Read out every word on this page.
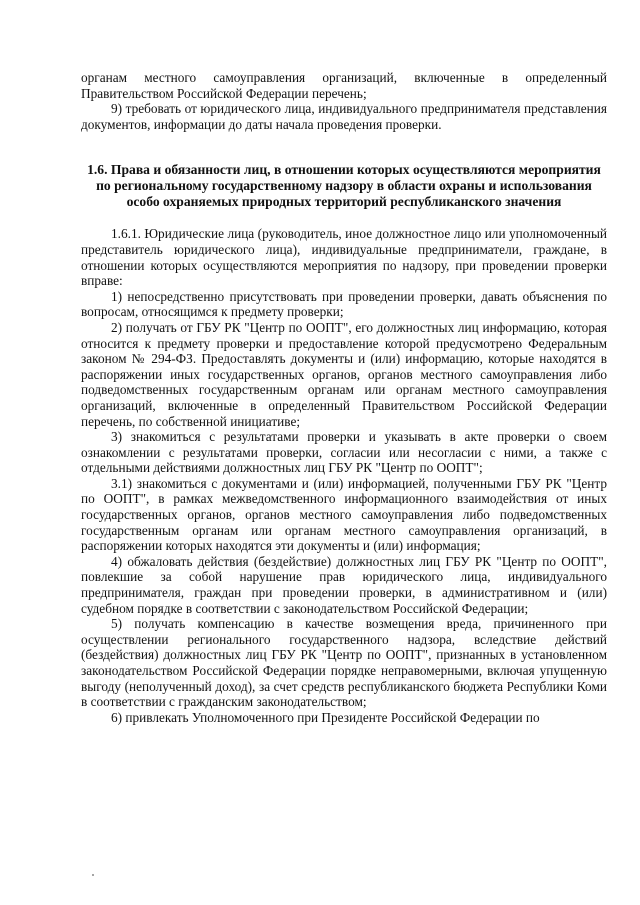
органам местного самоуправления организаций, включенные в определенный Правительством Российской Федерации перечень;

9) требовать от юридического лица, индивидуального предпринимателя представления документов, информации до даты начала проведения проверки.

1.6. Права и обязанности лиц, в отношении которых осуществляются мероприятия по региональному государственному надзору в области охраны и использования особо охраняемых природных территорий республиканского значения

1.6.1. Юридические лица (руководитель, иное должностное лицо или уполномоченный представитель юридического лица), индивидуальные предприниматели, граждане, в отношении которых осуществляются мероприятия по надзору, при проведении проверки вправе:

1) непосредственно присутствовать при проведении проверки, давать объяснения по вопросам, относящимся к предмету проверки;

2) получать от ГБУ РК "Центр по ООПТ", его должностных лиц информацию, которая относится к предмету проверки и предоставление которой предусмотрено Федеральным законом № 294-ФЗ. Предоставлять документы и (или) информацию, которые находятся в распоряжении иных государственных органов, органов местного самоуправления либо подведомственных государственным органам или органам местного самоуправления организаций, включенные в определенный Правительством Российской Федерации перечень, по собственной инициативе;

3) знакомиться с результатами проверки и указывать в акте проверки о своем ознакомлении с результатами проверки, согласии или несогласии с ними, а также с отдельными действиями должностных лиц ГБУ РК "Центр по ООПТ";

3.1) знакомиться с документами и (или) информацией, полученными ГБУ РК "Центр по ООПТ", в рамках межведомственного информационного взаимодействия от иных государственных органов, органов местного самоуправления либо подведомственных государственным органам или органам местного самоуправления организаций, в распоряжении которых находятся эти документы и (или) информация;

4) обжаловать действия (бездействие) должностных лиц ГБУ РК "Центр по ООПТ", повлекшие за собой нарушение прав юридического лица, индивидуального предпринимателя, граждан при проведении проверки, в административном и (или) судебном порядке в соответствии с законодательством Российской Федерации;

5) получать компенсацию в качестве возмещения вреда, причиненного при осуществлении регионального государственного надзора, вследствие действий (бездействия) должностных лиц ГБУ РК "Центр по ООПТ", признанных в установленном законодательством Российской Федерации порядке неправомерными, включая упущенную выгоду (неполученный доход), за счет средств республиканского бюджета Республики Коми в соответствии с гражданским законодательством;

6) привлекать Уполномоченного при Президенте Российской Федерации по
